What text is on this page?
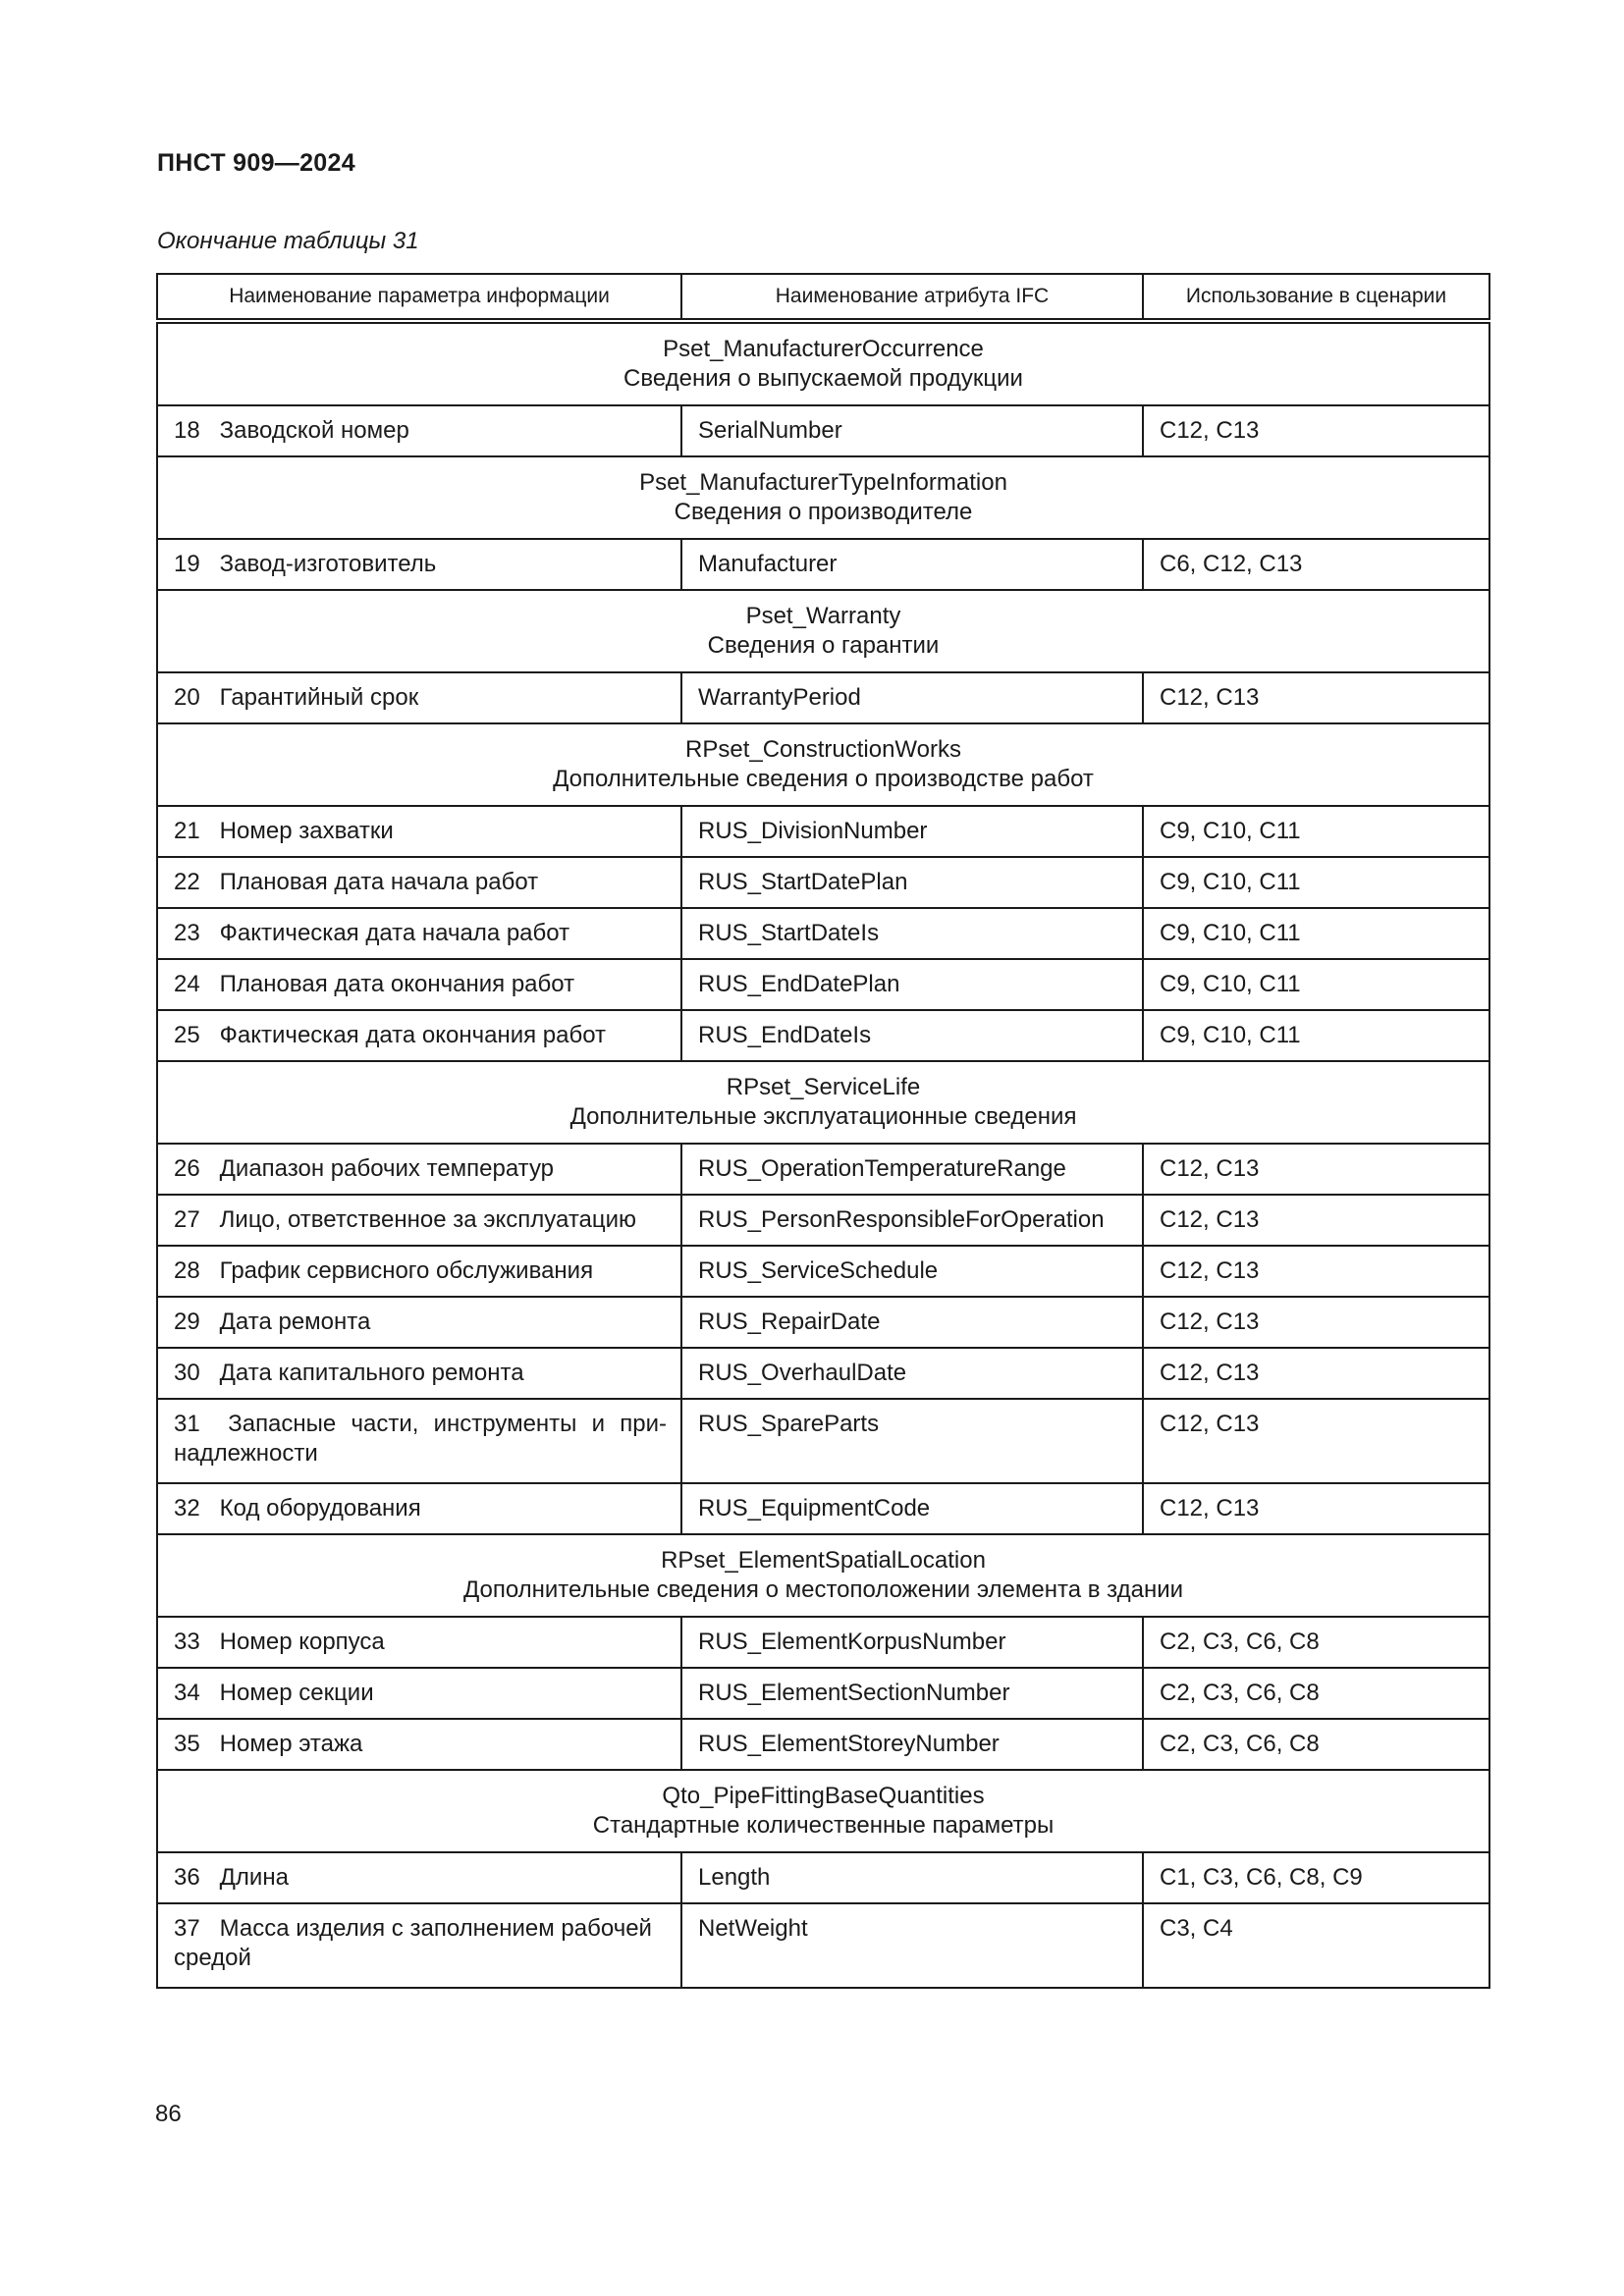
ПНСТ 909—2024
Окончание таблицы 31
Наименование параметра информации	Наименование атрибута IFC	Использование в сценарии

Pset_ManufacturerOccurrence
Сведения о выпускаемой продукции		

18 Заводской номер	SerialNumber	C12, C13

Pset_ManufacturerTypeInformation
Сведения о производителе		

19 Завод-изготовитель	Manufacturer	C6, C12, C13

Pset_Warranty
Сведения о гарантии		

20 Гарантийный срок	WarrantyPeriod	C12, C13

RPset_ConstructionWorks
Дополнительные сведения о производстве работ		

21 Номер захватки	RUS_DivisionNumber	C9, C10, C11
22 Плановая дата начала работ	RUS_StartDatePlan	C9, C10, C11
23 Фактическая дата начала работ	RUS_StartDateIs	C9, C10, C11
24 Плановая дата окончания работ	RUS_EndDatePlan	C9, C10, C11
25 Фактическая дата окончания работ	RUS_EndDateIs	C9, C10, C11

RPset_ServiceLife
Дополнительные эксплуатационные сведения		

26 Диапазон рабочих температур	RUS_OperationTemperatureRange	C12, C13
27 Лицо, ответственное за эксплуатацию	RUS_PersonResponsibleForOperation	C12, C13
28 График сервисного обслуживания	RUS_ServiceSchedule	C12, C13
29 Дата ремонта	RUS_RepairDate	C12, C13
30 Дата капитального ремонта	RUS_OverhaulDate	C12, C13
31 Запасные части, инструменты и при-надлежности	RUS_SpareParts	C12, C13
32 Код оборудования	RUS_EquipmentCode	C12, C13

RPset_ElementSpatialLocation
Дополнительные сведения о местоположении элемента в здании		

33 Номер корпуса	RUS_ElementKorpusNumber	C2, C3, C6, C8
34 Номер секции	RUS_ElementSectionNumber	C2, C3, C6, C8
35 Номер этажа	RUS_ElementStoreyNumber	C2, C3, C6, C8

Qto_PipeFittingBaseQuantities
Стандартные количественные параметры		

36 Длина	Length	C1, C3, C6, C8, C9
37 Масса изделия с заполнением рабочей средой	NetWeight	C3, C4
86
